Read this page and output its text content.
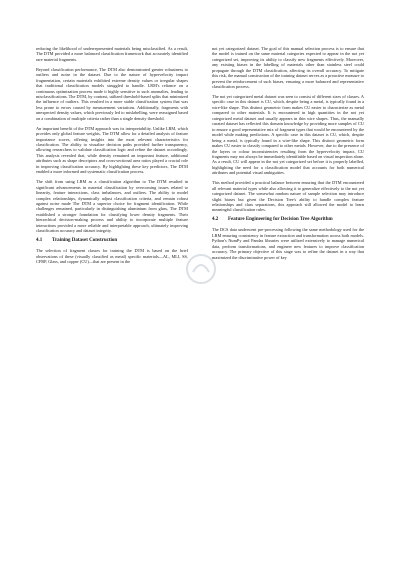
reducing the likelihood of underrepresented materials being misclassified. As a result, The DTM provided a more balanced classification framework that accurately identified rare material fragments.

Beyond classification performance, The DTM also demonstrated greater robustness to outliers and noise in the dataset. Due to the nature of hypervelocity impact fragmentation, certain materials exhibited extreme density values or irregular shapes that traditional classification models struggled to handle. LRM's reliance on a continuous optimization process made it highly sensitive to such anomalies, leading to misclassifications. The DTM, by contrast, utilized threshold-based splits that minimized the influence of outliers. This resulted in a more stable classification system that was less prone to errors caused by measurement variations. Additionally, fragments with unexpected density values, which previously led to mislabelling, were reassigned based on a combination of multiple criteria rather than a single density threshold.

An important benefit of the DTM approach was its interpretability. Unlike LRM, which provides only global feature weights, The DTM allow for a detailed analysis of feature importance scores, offering insights into the most relevant characteristics for classification. The ability to visualize decision paths provided further transparency, allowing researchers to validate classification logic and refine the dataset accordingly. This analysis revealed that, while density remained an important feature, additional attributes such as shape descriptors and cross-sectional area ratios played a crucial role in improving classification accuracy. By highlighting these key predictors, The DTM enabled a more informed and systematic classification process.

The shift from using LRM as a classification algorithm to The DTM resulted in significant advancements in material classification by overcoming issues related to linearity, feature interactions, class imbalances, and outliers. The ability to model complex relationships, dynamically adjust classification criteria, and remain robust against noise made The DTM a superior choice for fragment identification. While challenges remained, particularly in distinguishing aluminium from glass, The DTM established a stronger foundation for classifying lower density fragments. Their hierarchical decision-making process and ability to incorporate multiple feature interactions provided a more reliable and interpretable approach, ultimately improving classification accuracy and dataset integrity.

4.1	Training Dataset Construction

The selection of fragment classes for training the DTM is based on the brief observations of these (visually classified as metal) specific materials—AL, MLI, SS, CFRP, Glass, and copper (CU)—that are present in the

not yet categorized dataset. The goal of this manual selection process is to ensure that the model is trained on the same material categories expected to appear in the not yet categorized set, improving its ability to classify new fragments effectively. Moreover, any existing biases in the labelling of materials other than stainless steel could propagate through the DTM classification, affecting its overall accuracy. To mitigate this risk, the manual construction of the training dataset serves as a proactive measure to prevent the reinforcement of such biases, ensuring a more balanced and representative classification process.

The not yet categorized metal dataset was seen to consist of different sizes of classes. A specific case in this dataset is CU, which, despite being a metal, is typically found in a wire-like shape. This distinct geometric form makes CU easier to characterize as metal compared to other materials. It is encountered in high quantities in the not yet categorized metal dataset and usually appears in thin wire shapes. Thus, the manually curated dataset has reflected this domain knowledge by providing more samples of CU to ensure a good representative mix of fragment types that would be encountered by the model while making predictions. A specific case in this dataset is CU, which, despite being a metal, is typically found in a wire-like shape. This distinct geometric form makes CU easier to classify compared to other metals. However, due to the presence of the layers or colour inconsistencies resulting from the hypervelocity impact, CU fragments may not always be immediately identifiable based on visual inspection alone. As a result, CU will appear in the not yet categorized set before it is properly labelled, highlighting the need for a classification model that accounts for both numerical attributes and potential visual ambiguities.

This method provided a practical balance between ensuring that the DTM encountered all relevant material types while also allowing it to generalize effectively to the not yet categorized dataset. The somewhat random nature of sample selection may introduce slight biases but given the Decision Tree's ability to handle complex feature relationships and class separations, this approach still allowed the model to learn meaningful classification rules.

4.2	Feature Engineering for Decision Tree Algorithm

The DCS data underwent pre-processing following the same methodology used for the LRM ensuring consistency in feature extraction and transformation across both models. Python's NumPy and Pandas libraries were utilized extensively to manage numerical data, perform transformations, and engineer new features to improve classification accuracy. The primary objective of this stage was to refine the dataset in a way that maximized the discriminative power of key
